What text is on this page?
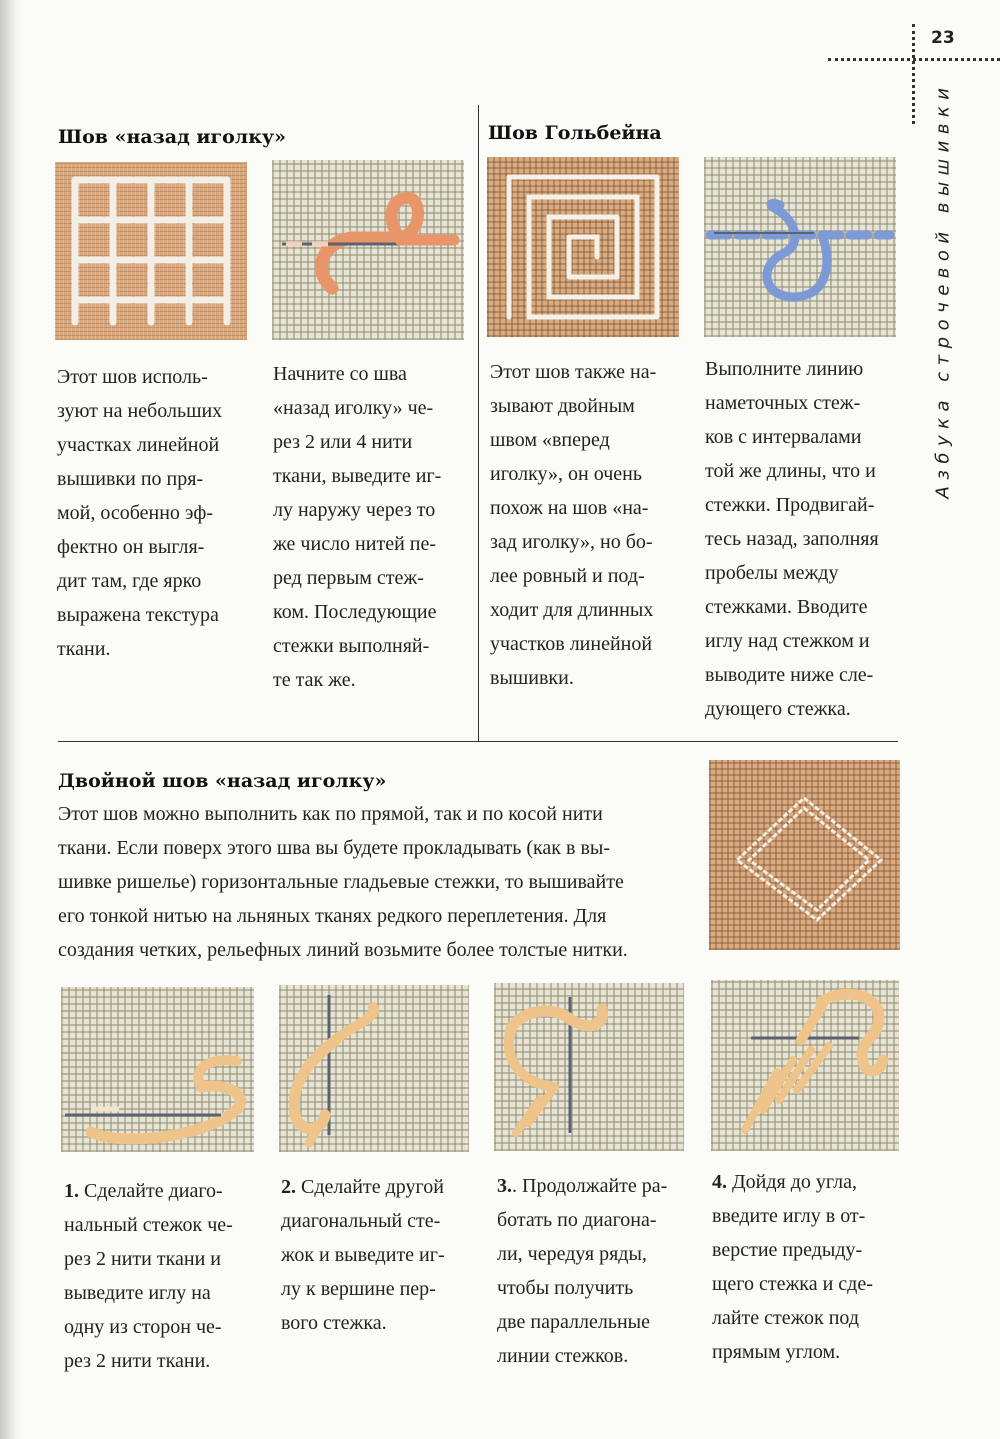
23
Азбука строчевой вышивки
Шов «назад иголку»
Этот шов исполь-
зуют на небольших
участках линейной
вышивки по пря-
мой, особенно эф-
фектно он выгля-
дит там, где ярко
выражена текстура
ткани.
Начните со шва
«назад иголку» че-
рез 2 или 4 нити
ткани, выведите иг-
лу наружу через то
же число нитей пе-
ред первым стеж-
ком. Последующие
стежки выполняй-
те так же.
Шов Гольбейна
Этот шов также на-
зывают двойным
швом «вперед
иголку», он очень
похож на шов «на-
зад иголку», но бо-
лее ровный и под-
ходит для длинных
участков линейной
вышивки.
Выполните линию
наметочных стеж-
ков с интервалами
той же длины, что и
стежки. Продвигай-
тесь назад, заполняя
пробелы между
стежками. Вводите
иглу над стежком и
выводите ниже сле-
дующего стежка.
Двойной шов «назад иголку»
Этот шов можно выполнить как по прямой, так и по косой нити
ткани. Если поверх этого шва вы будете прокладывать (как в вы-
шивке ришелье) горизонтальные гладьевые стежки, то вышивайте
его тонкой нитью на льняных тканях редкого переплетения. Для
создания четких, рельефных линий возьмите более толстые нитки.
1. Сделайте диаго-
нальный стежок че-
рез 2 нити ткани и
выведите иглу на
одну из сторон че-
рез 2 нити ткани.
2. Сделайте другой
диагональный сте-
жок и выведите иг-
лу к вершине пер-
вого стежка.
3.. Продолжайте ра-
ботать по диагона-
ли, чередуя ряды,
чтобы получить
две параллельные
линии стежков.
4. Дойдя до угла,
введите иглу в от-
верстие предыду-
щего стежка и сде-
лайте стежок под
прямым углом.
